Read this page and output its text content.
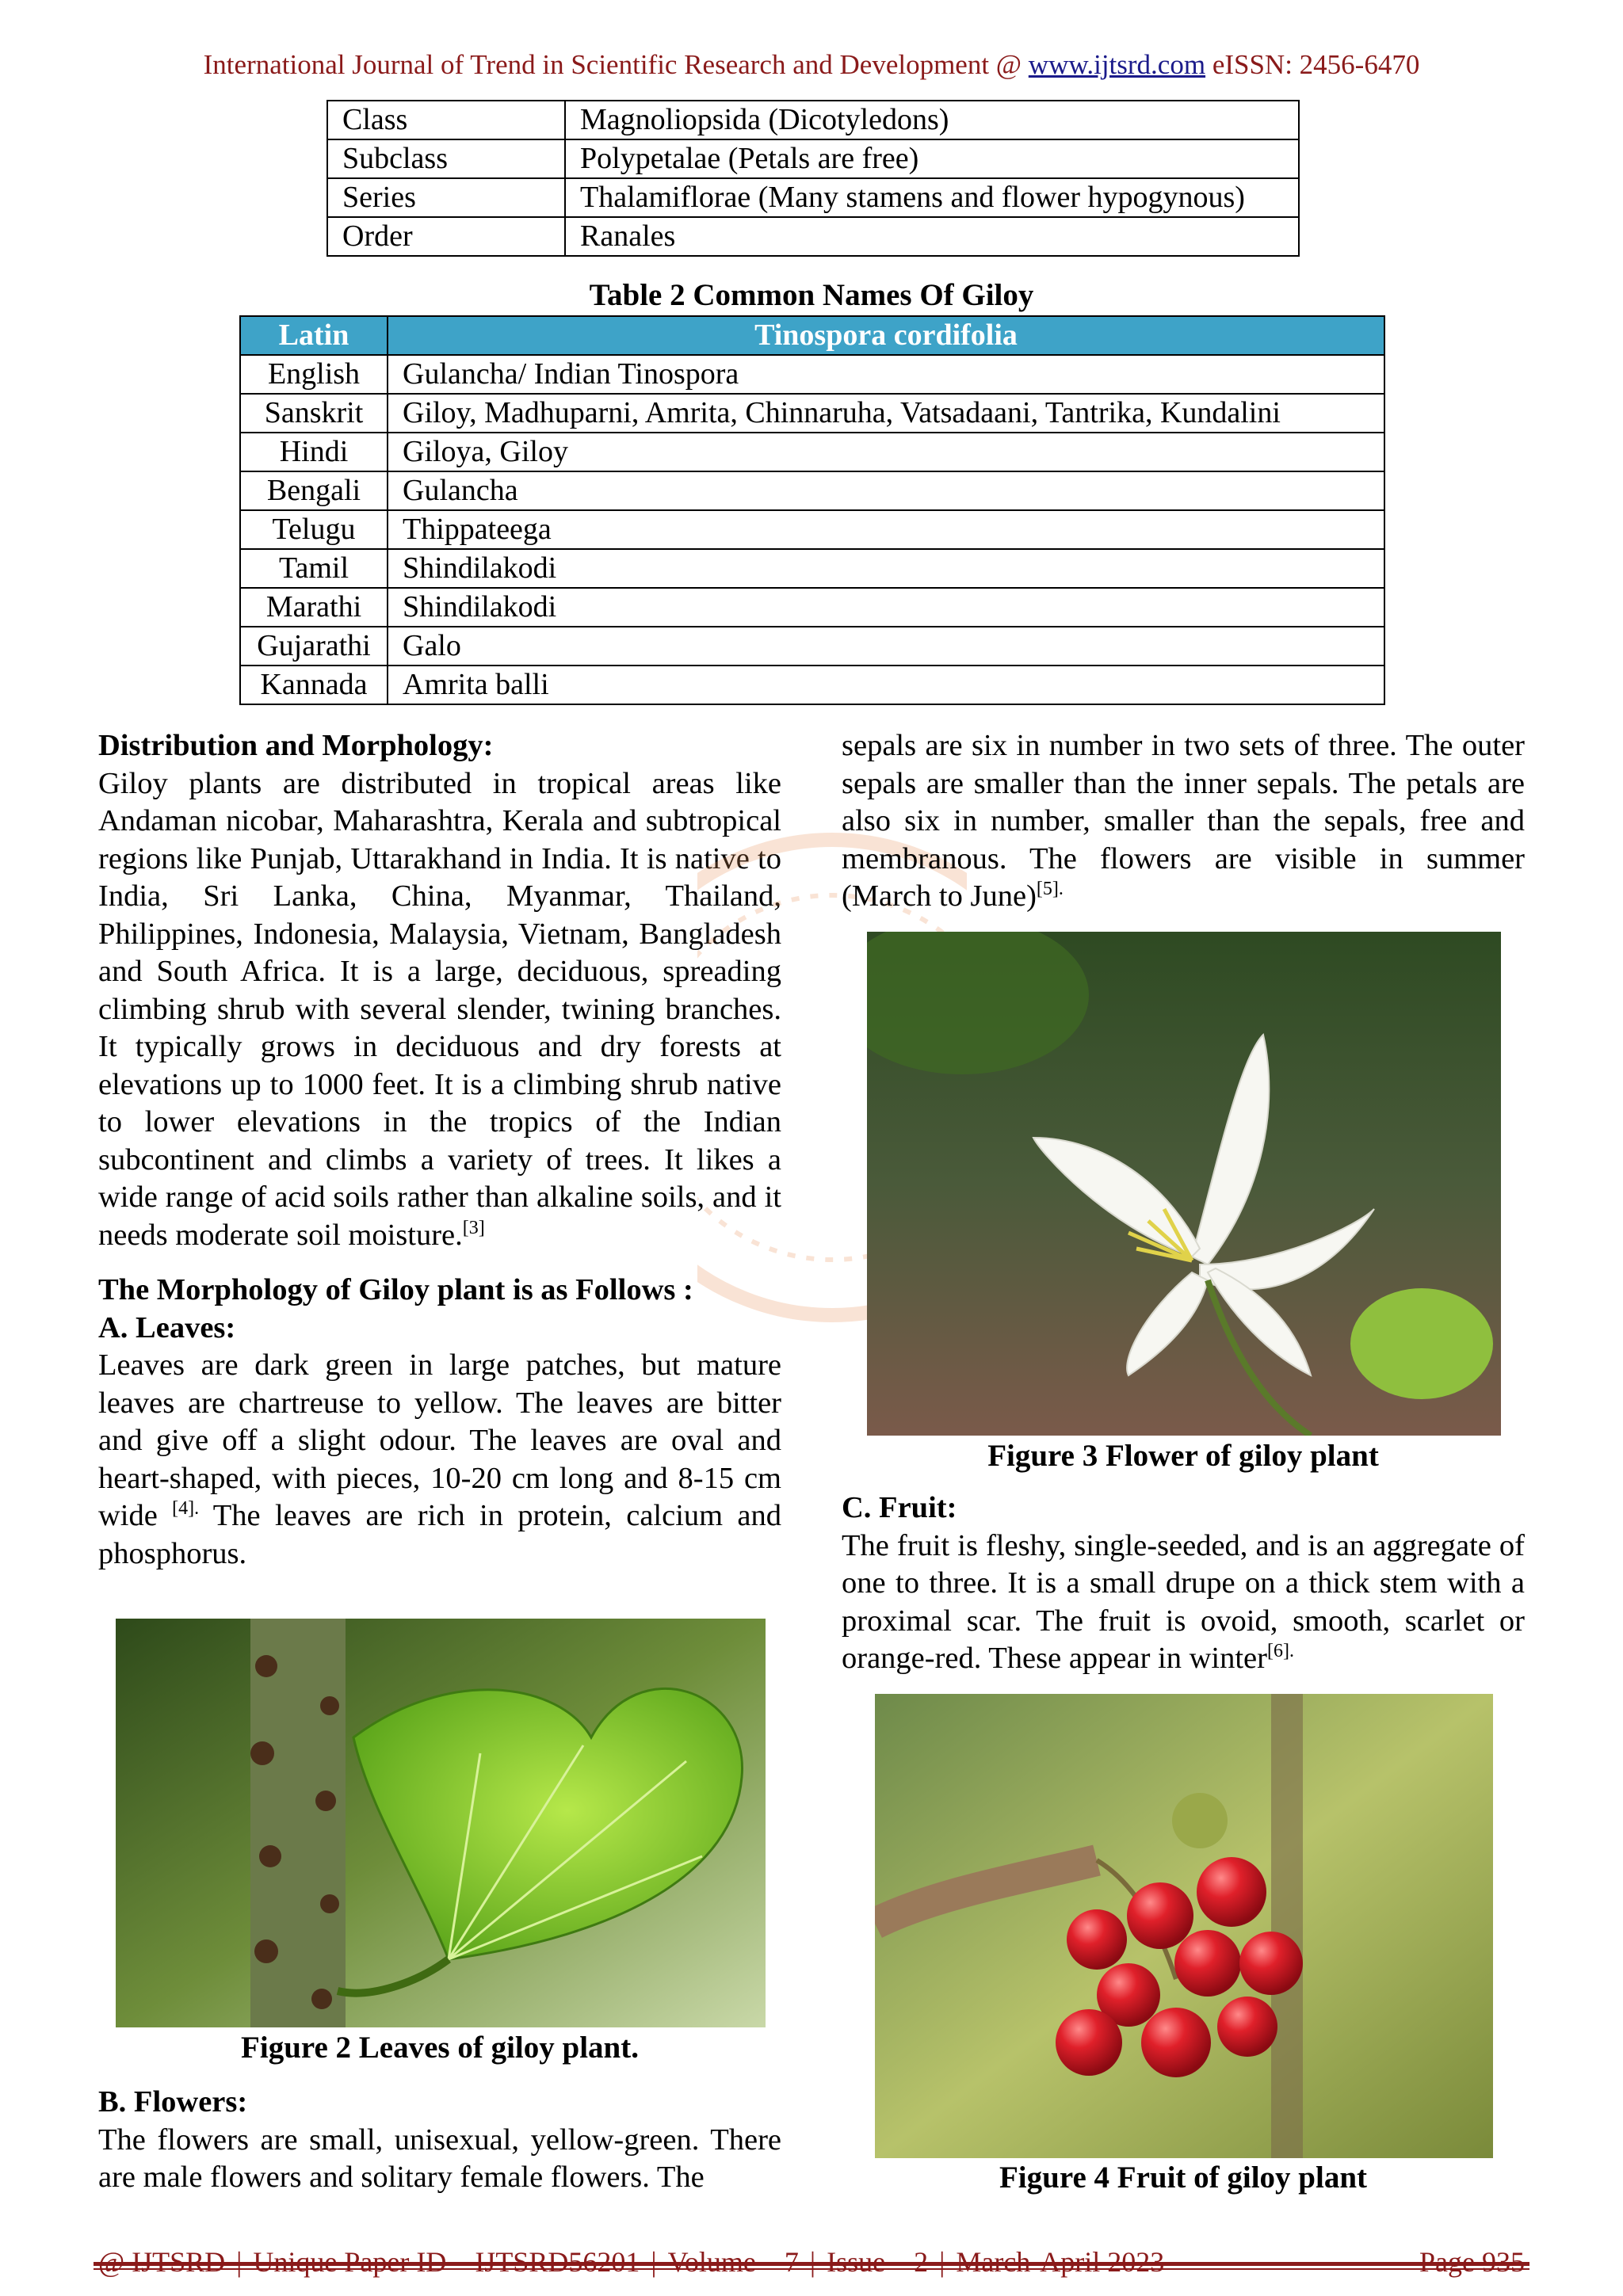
International Journal of Trend in Scientific Research and Development @ www.ijtsrd.com eISSN: 2456-6470
Class	Magnoliopsida (Dicotyledons)
Subclass	Polypetalae (Petals are free)
Series	Thalamiflorae (Many stamens and flower hypogynous)
Order	Ranales
Table 2 Common Names Of Giloy
Latin	Tinospora cordifolia
English	Gulancha/ Indian Tinospora
Sanskrit	Giloy, Madhuparni, Amrita, Chinnaruha, Vatsadaani, Tantrika, Kundalini
Hindi	Giloya, Giloy
Bengali	Gulancha
Telugu	Thippateega
Tamil	Shindilakodi
Marathi	Shindilakodi
Gujarathi	Galo
Kannada	Amrita balli

Distribution and Morphology:

Giloy plants are distributed in tropical areas like Andaman nicobar, Maharashtra, Kerala and subtropical regions like Punjab, Uttarakhand in India. It is native to India, Sri Lanka, China, Myanmar, Thailand, Philippines, Indonesia, Malaysia, Vietnam, Bangladesh and South Africa. It is a large, deciduous, spreading climbing shrub with several slender, twining branches. It typically grows in deciduous and dry forests at elevations up to 1000 feet. It is a climbing shrub native to lower elevations in the tropics of the Indian subcontinent and climbs a variety of trees. It likes a wide range of acid soils rather than alkaline soils, and it needs moderate soil moisture.[3]

The Morphology of Giloy plant is as Follows :

A. Leaves:

Leaves are dark green in large patches, but mature leaves are chartreuse to yellow. The leaves are bitter and give off a slight odour. The leaves are oval and heart-shaped, with pieces, 10-20 cm long and 8-15 cm wide $^{[4].}$ The leaves are rich in protein, calcium and phosphorus.

Figure 2 Leaves of giloy plant.

B. Flowers:

The flowers are small, unisexual, yellow-green. There are male flowers and solitary female flowers. The

sepals are six in number in two sets of three. The outer sepals are smaller than the inner sepals. The petals are also six in number, smaller than the sepals, free and membranous. The flowers are visible in summer (March to June)$^{[5].}$

Figure 3 Flower of giloy plant

C. Fruit:

The fruit is fleshy, single-seeded, and is an aggregate of one to three. It is a small drupe on a thick stem with a proximal scar. The fruit is ovoid, smooth, scarlet or orange-red. These appear in winter$^{[6].}$

Figure 4 Fruit of giloy plant
@ IJTSRD | Unique Paper ID – IJTSRD56201 | Volume – 7 | Issue – 2 | March-April 2023	Page 935
